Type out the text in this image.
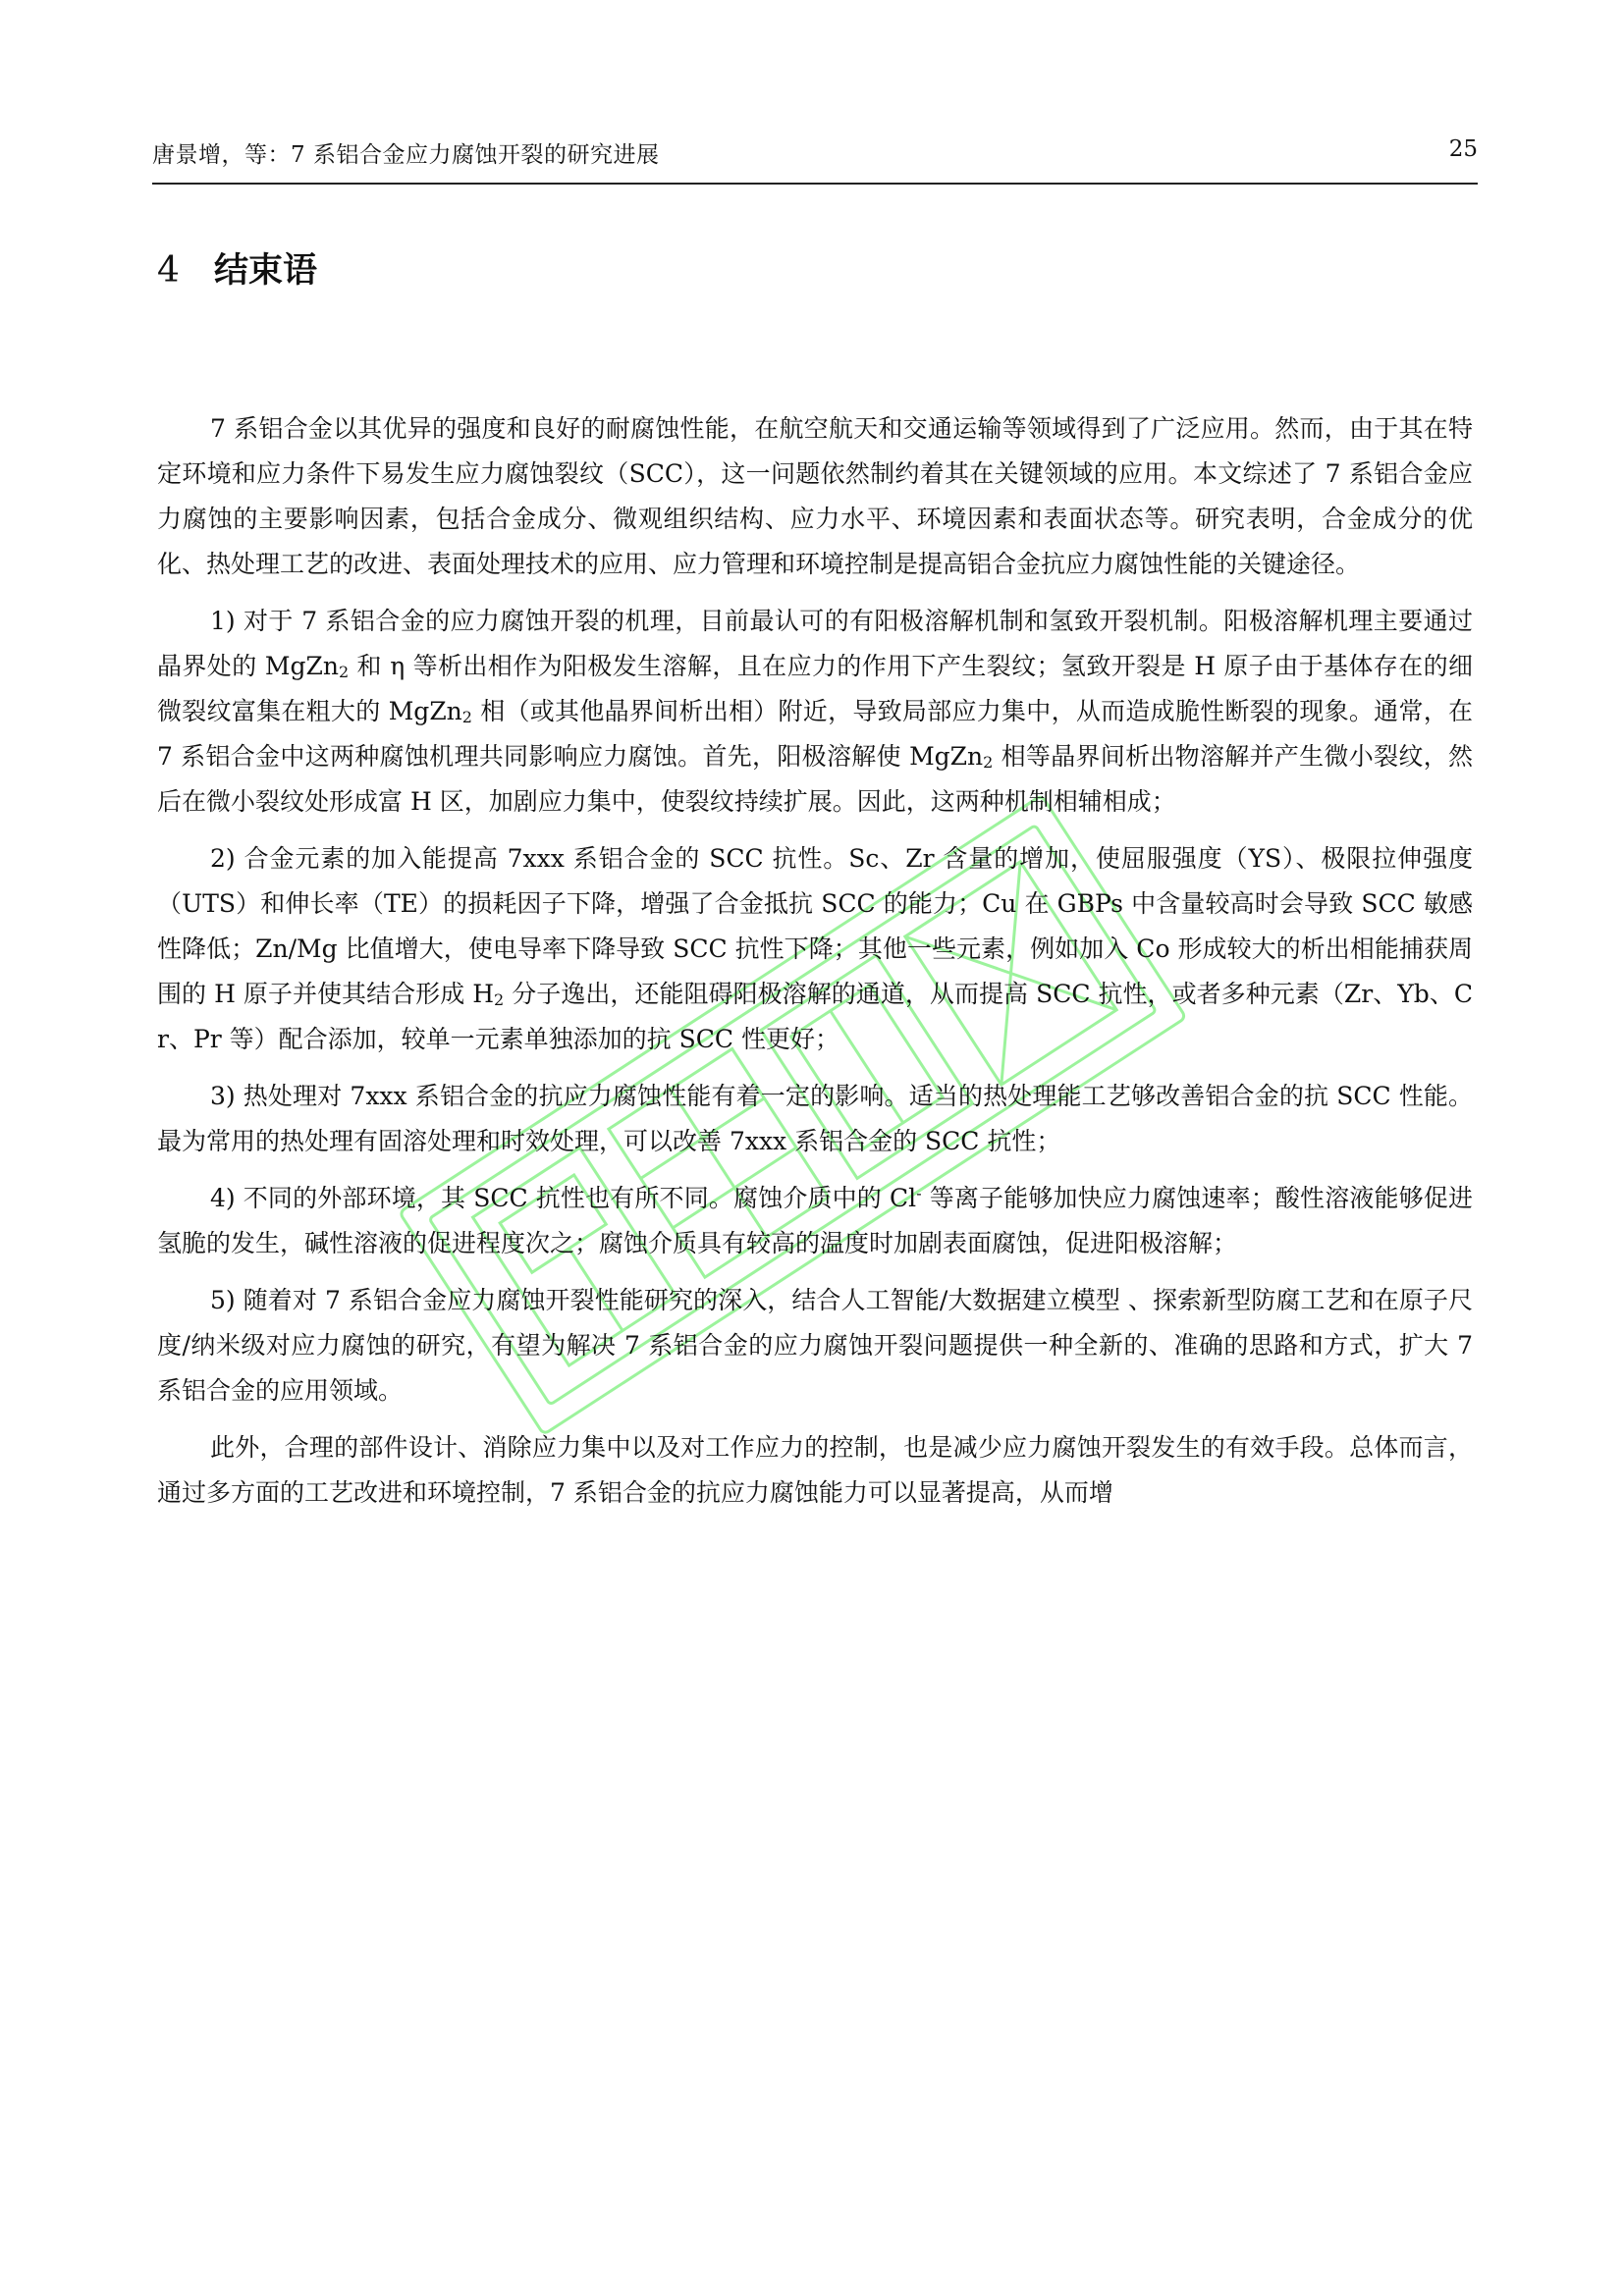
唐景增，等：7 系铝合金应力腐蚀开裂的研究进展	25
4 结束语

7 系铝合金以其优异的强度和良好的耐腐蚀性能，在航空航天和交通运输等领域得到了广泛应用。然而，由于其在特定环境和应力条件下易发生应力腐蚀裂纹（SCC），这一问题依然制约着其在关键领域的应用。本文综述了 7 系铝合金应力腐蚀的主要影响因素，包括合金成分、微观组织结构、应力水平、环境因素和表面状态等。研究表明，合金成分的优化、热处理工艺的改进、表面处理技术的应用、应力管理和环境控制是提高铝合金抗应力腐蚀性能的关键途径。

1) 对于 7 系铝合金的应力腐蚀开裂的机理，目前最认可的有阳极溶解机制和氢致开裂机制。阳极溶解机理主要通过晶界处的 MgZn$_2$ 和 η 等析出相作为阳极发生溶解，且在应力的作用下产生裂纹；氢致开裂是 H 原子由于基体存在的细微裂纹富集在粗大的 MgZn$_2$ 相（或其他晶界间析出相）附近，导致局部应力集中，从而造成脆性断裂的现象。通常，在 7 系铝合金中这两种腐蚀机理共同影响应力腐蚀。首先，阳极溶解使 MgZn$_2$ 相等晶界间析出物溶解并产生微小裂纹，然后在微小裂纹处形成富 H 区，加剧应力集中，使裂纹持续扩展。因此，这两种机制相辅相成；

2) 合金元素的加入能提高 7xxx 系铝合金的 SCC 抗性。Sc、Zr 含量的增加，使屈服强度（YS）、极限拉伸强度（UTS）和伸长率（TE）的损耗因子下降，增强了合金抵抗 SCC 的能力；Cu 在 GBPs 中含量较高时会导致 SCC 敏感性降低；Zn/Mg 比值增大，使电导率下降导致 SCC 抗性下降；其他一些元素，例如加入 Co 形成较大的析出相能捕获周围的 H 原子并使其结合形成 $H_2$ 分子逸出，还能阻碍阳极溶解的通道，从而提高 SCC 抗性，或者多种元素（Zr、Yb、Cr、Pr 等）配合添加，较单一元素单独添加的抗 SCC 性更好；

3) 热处理对 7xxx 系铝合金的抗应力腐蚀性能有着一定的影响。适当的热处理能工艺够改善铝合金的抗 SCC 性能。最为常用的热处理有固溶处理和时效处理，可以改善 7xxx 系铝合金的 SCC 抗性；

4) 不同的外部环境，其 SCC 抗性也有所不同。腐蚀介质中的 Cl- 等离子能够加快应力腐蚀速率；酸性溶液能够促进氢脆的发生，碱性溶液的促进程度次之；腐蚀介质具有较高的温度时加剧表面腐蚀，促进阳极溶解；

5) 随着对 7 系铝合金应力腐蚀开裂性能研究的深入，结合人工智能/大数据建立模型 、探索新型防腐工艺和在原子尺度/纳米级对应力腐蚀的研究，有望为解决 7 系铝合金的应力腐蚀开裂问题提供一种全新的、准确的思路和方式，扩大 7 系铝合金的应用领域。

此外，合理的部件设计、消除应力集中以及对工作应力的控制，也是减少应力腐蚀开裂发生的有效手段。总体而言，通过多方面的工艺改进和环境控制，7 系铝合金的抗应力腐蚀能力可以显著提高，从而增
